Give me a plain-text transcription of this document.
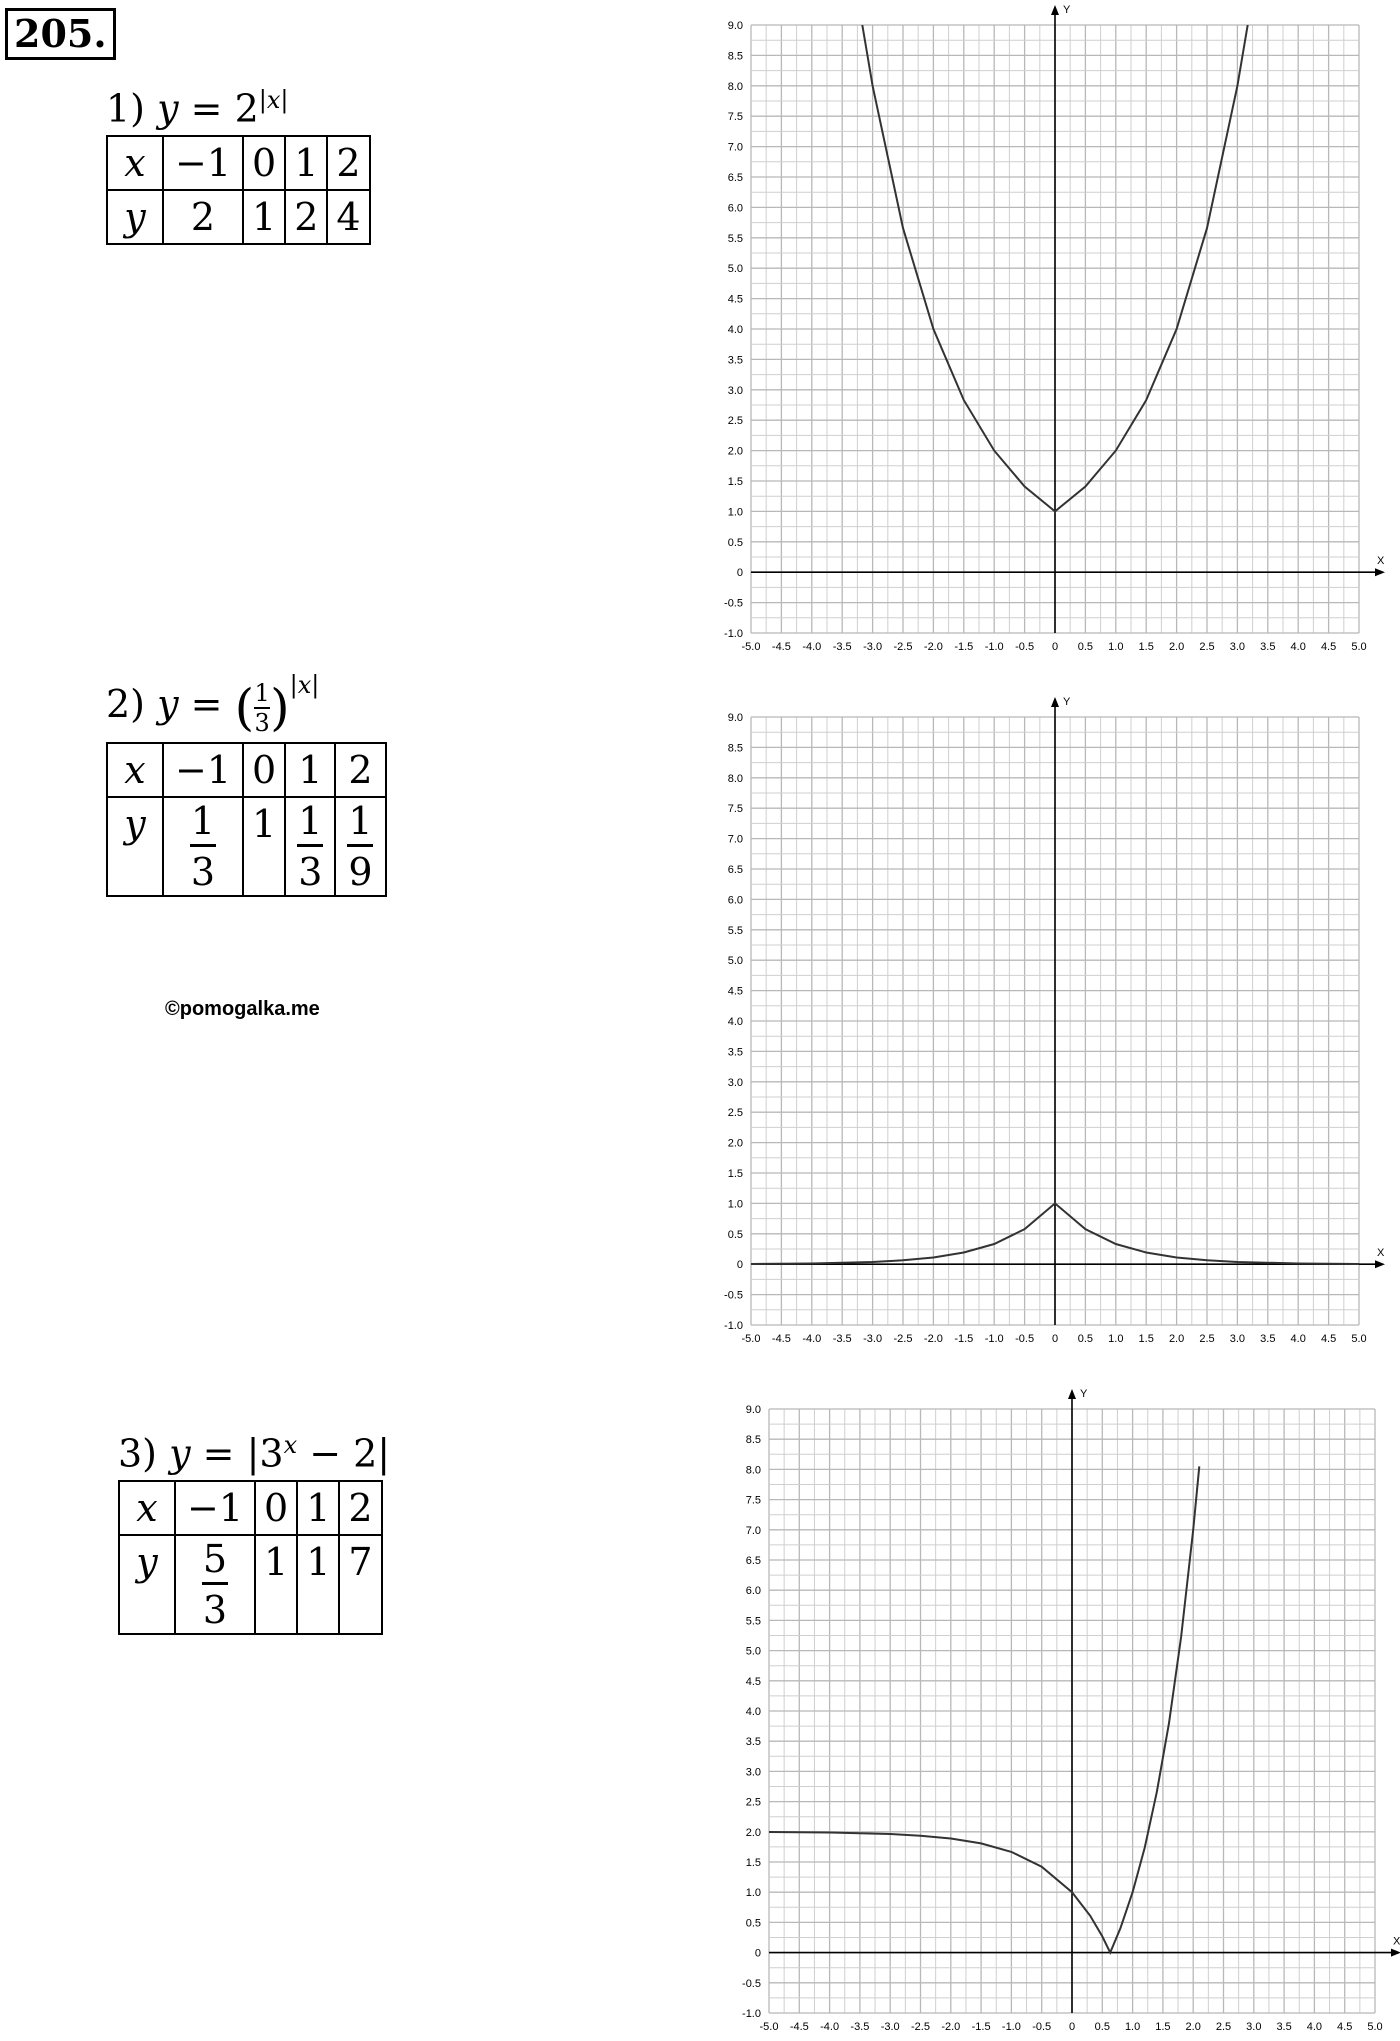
205.
1) $y = 2^{|x|}$
x	−1	0	1	2
y	2	1	2	4
2) y = ( $\frac{1}{3} )^{|x|}$
x	−1	0	1	2
y	$\frac{1}{3}$	1	$\frac{1}{3}$	$\frac{1}{9}$
©pomogalka.me
3) $y = |3^x - 2|$
x	−1	0	1	2
y	$\frac{5}{3}$	1	1	7
X
Y
-5.0 -4.5 -4.0 -3.5 -3.0 -2.5 -2.0 -1.5 -1.0 -0.5 0 0.5 1.0 1.5 2.0 2.5 3.0 3.5 4.0 4.5 5.0
9.0
8.5
8.0
7.5
7.0
6.5
6.0
5.5
5.0
4.5
4.0
3.5
3.0
2.5
2.0
1.5
1.0
0.5
0
-0.5
-1.0
X
Y
-5.0 -4.5 -4.0 -3.5 -3.0 -2.5 -2.0 -1.5 -1.0 -0.5 0 0.5 1.0 1.5 2.0 2.5 3.0 3.5 4.0 4.5 5.0
9.0
8.5
8.0
7.5
7.0
6.5
6.0
5.5
5.0
4.5
4.0
3.5
3.0
2.5
2.0
1.5
1.0
0.5
0
-0.5
-1.0
X
Y
-5.0 -4.5 -4.0 -3.5 -3.0 -2.5 -2.0 -1.5 -1.0 -0.5 0 0.5 1.0 1.5 2.0 2.5 3.0 3.5 4.0 4.5 5.0
9.0
8.5
8.0
7.5
7.0
6.5
6.0
5.5
5.0
4.5
4.0
3.5
3.0
2.5
2.0
1.5
1.0
0.5
0
-0.5
-1.0
